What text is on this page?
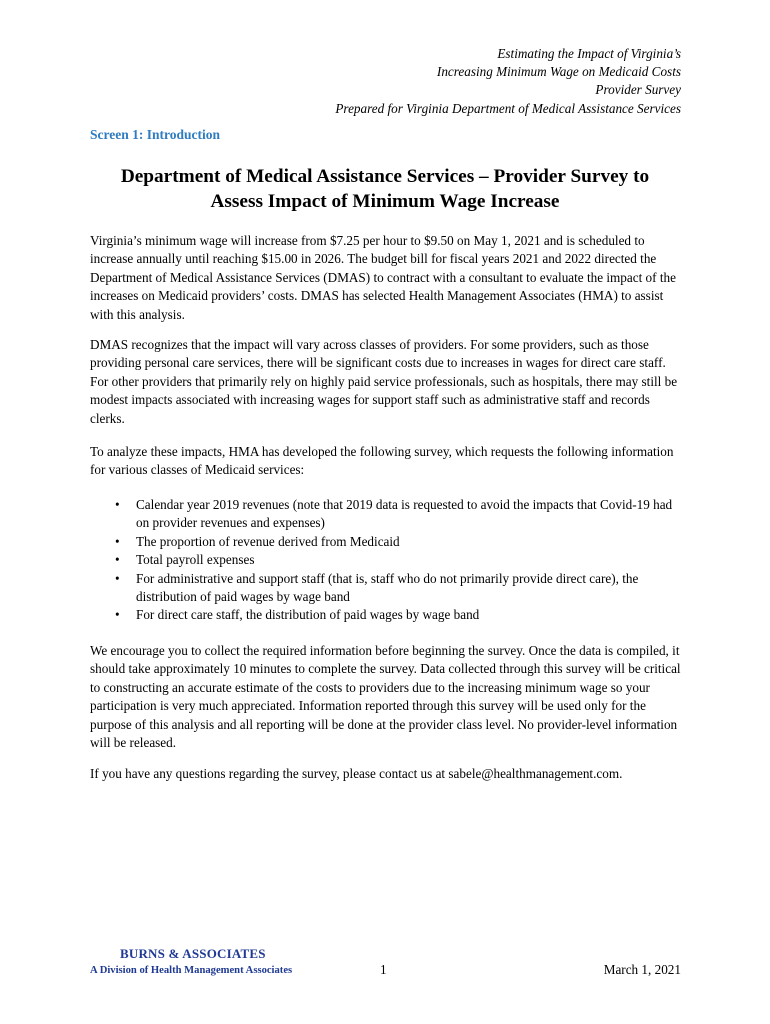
Estimating the Impact of Virginia’s
Increasing Minimum Wage on Medicaid Costs
Provider Survey
Prepared for Virginia Department of Medical Assistance Services
Screen 1: Introduction
Department of Medical Assistance Services – Provider Survey to
Assess Impact of Minimum Wage Increase

Virginia’s minimum wage will increase from $7.25 per hour to $9.50 on May 1, 2021 and is scheduled to increase annually until reaching $15.00 in 2026. The budget bill for fiscal years 2021 and 2022 directed the Department of Medical Assistance Services (DMAS) to contract with a consultant to evaluate the impact of the increases on Medicaid providers’ costs. DMAS has selected Health Management Associates (HMA) to assist with this analysis.

DMAS recognizes that the impact will vary across classes of providers. For some providers, such as those providing personal care services, there will be significant costs due to increases in wages for direct care staff. For other providers that primarily rely on highly paid service professionals, such as hospitals, there may still be modest impacts associated with increasing wages for support staff such as administrative staff and records clerks.

To analyze these impacts, HMA has developed the following survey, which requests the following information for various classes of Medicaid services:

• Calendar year 2019 revenues (note that 2019 data is requested to avoid the impacts that Covid-19 had on provider revenues and expenses)
• The proportion of revenue derived from Medicaid
• Total payroll expenses
• For administrative and support staff (that is, staff who do not primarily provide direct care), the distribution of paid wages by wage band
• For direct care staff, the distribution of paid wages by wage band

We encourage you to collect the required information before beginning the survey. Once the data is compiled, it should take approximately 10 minutes to complete the survey. Data collected through this survey will be critical to constructing an accurate estimate of the costs to providers due to the increasing minimum wage so your participation is very much appreciated. Information reported through this survey will be used only for the purpose of this analysis and all reporting will be done at the provider class level. No provider-level information will be released.

If you have any questions regarding the survey, please contact us at sabele@healthmanagement.com.

BURNS & ASSOCIATES
A Division of Health Management Associates	1	March 1, 2021
